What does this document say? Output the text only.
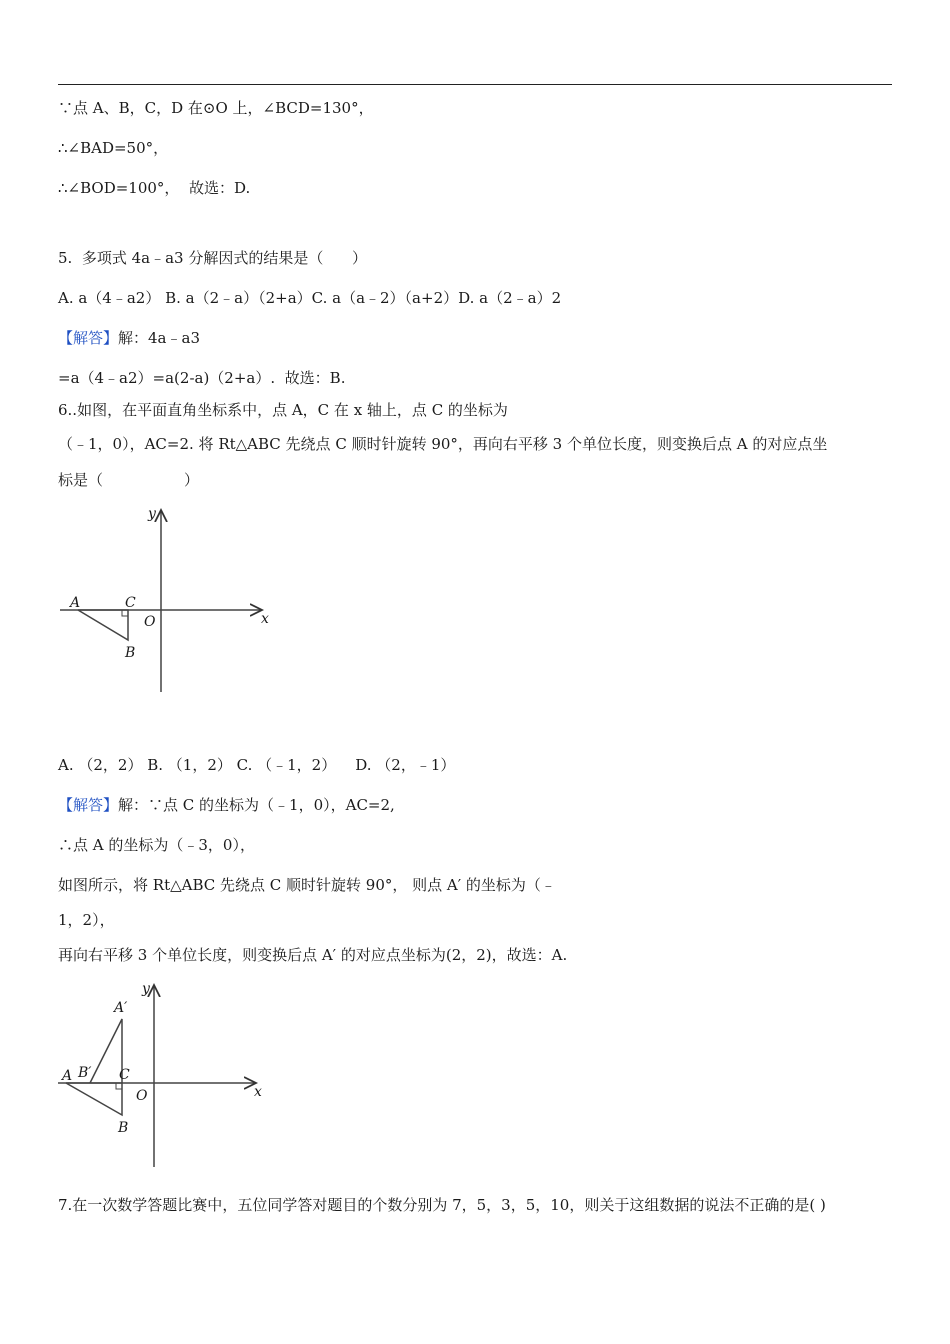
∵点 A、B，C，D 在⊙O 上，∠BCD=130°，
∴∠BAD=50°，
∴∠BOD=100°，  故选：D.
5.  多项式 4a﹣a3 分解因式的结果是（      ）
A. a（4﹣a2） B. a（2﹣a）（2+a）C. a（a﹣2）（a+2）D. a（2﹣a）2
【解答】解：4a﹣a3
=a（4﹣a2）=a(2-a)（2+a）.  故选：B.
6..如图，在平面直角坐标系中，点 A，C 在 x 轴上，点 C 的坐标为
（﹣1，0），AC=2. 将 Rt△ABC 先绕点 C 顺时针旋转 90°，再向右平移 3 个单位长度，则变换后点 A 的对应点坐
标是（                 ）
y
x
A	C
O
B
A. （2，2） B. （1，2） C. （﹣1，2）    D. （2，﹣1）
【解答】解：∵点 C 的坐标为（﹣1，0），AC=2,
∴点 A 的坐标为（﹣3，0），
如图所示，将 Rt△ABC 先绕点 C 顺时针旋转 90°， 则点 A′ 的坐标为（﹣
1，2），
再向右平移 3 个单位长度，则变换后点 A′ 的对应点坐标为(2，2)，故选：A.
y
x
A′
A B′ C
O
B
7.在一次数学答题比赛中，五位同学答对题目的个数分别为 7，5，3，5，10，则关于这组数据的说法不正确的是( )
